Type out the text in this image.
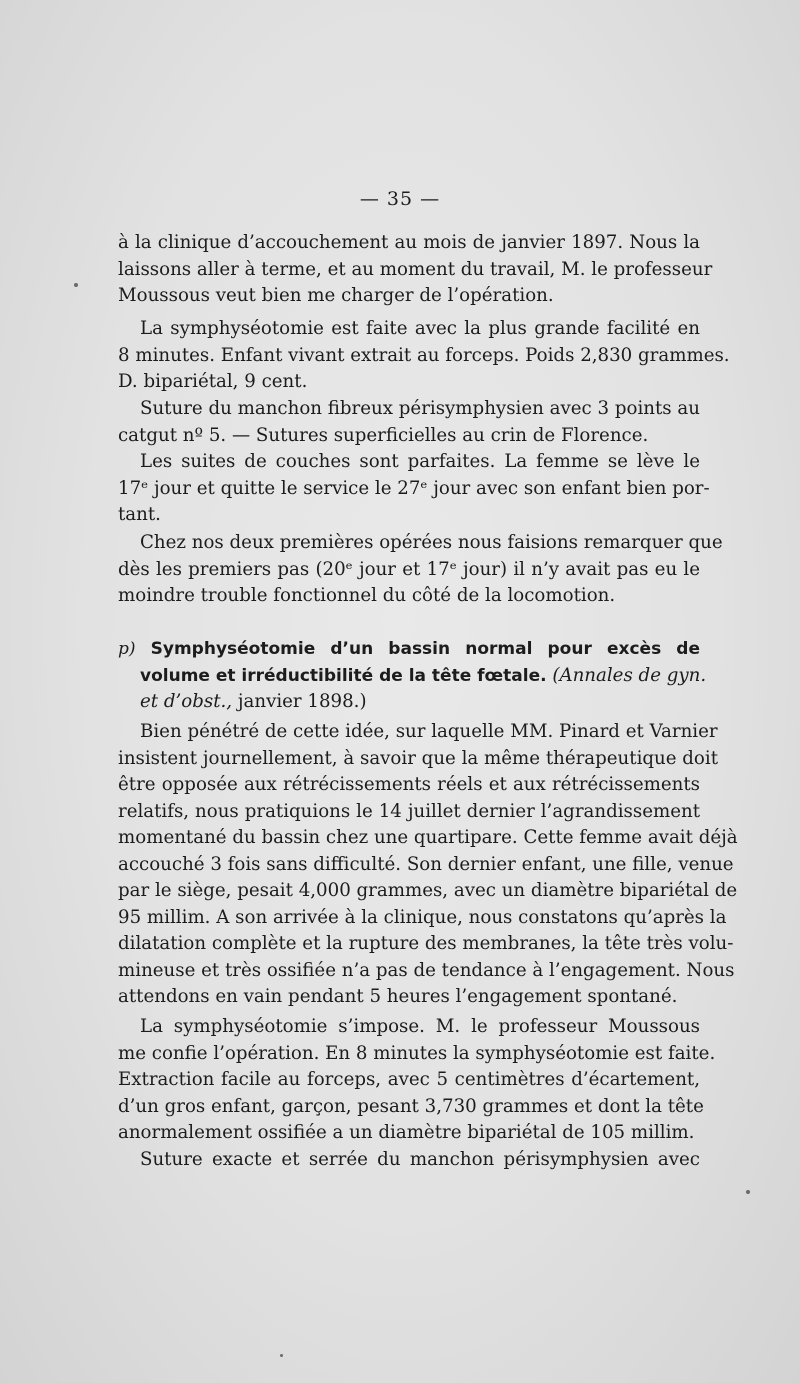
— 35 —
à la clinique d’accouchement au mois de janvier 1897. Nous la
laissons aller à terme, et au moment du travail, M. le professeur
Moussous veut bien me charger de l’opération.
La symphyséotomie est faite avec la plus grande facilité en
8 minutes. Enfant vivant extrait au forceps. Poids 2,830 grammes.
D. bipariétal, 9 cent.
Suture du manchon fibreux périsymphysien avec 3 points au
catgut nº 5. — Sutures superficielles au crin de Florence.
Les suites de couches sont parfaites. La femme se lève le
17ᵉ jour et quitte le service le 27ᵉ jour avec son enfant bien por-
tant.
Chez nos deux premières opérées nous faisions remarquer que
dès les premiers pas (20ᵉ jour et 17ᵉ jour) il n’y avait pas eu le
moindre trouble fonctionnel du côté de la locomotion.
p) Symphyséotomie d’un bassin normal pour excès de
volume et irréductibilité de la tête fœtale. (Annales de gyn.
et d’obst., janvier 1898.)
Bien pénétré de cette idée, sur laquelle MM. Pinard et Varnier
insistent journellement, à savoir que la même thérapeutique doit
être opposée aux rétrécissements réels et aux rétrécissements
relatifs, nous pratiquions le 14 juillet dernier l’agrandissement
momentané du bassin chez une quartipare. Cette femme avait déjà
accouché 3 fois sans difficulté. Son dernier enfant, une fille, venue
par le siège, pesait 4,000 grammes, avec un diamètre bipariétal de
95 millim. A son arrivée à la clinique, nous constatons qu’après la
dilatation complète et la rupture des membranes, la tête très volu-
mineuse et très ossifiée n’a pas de tendance à l’engagement. Nous
attendons en vain pendant 5 heures l’engagement spontané.
La symphyséotomie s’impose. M. le professeur Moussous
me confie l’opération. En 8 minutes la symphyséotomie est faite.
Extraction facile au forceps, avec 5 centimètres d’écartement,
d’un gros enfant, garçon, pesant 3,730 grammes et dont la tête
anormalement ossifiée a un diamètre bipariétal de 105 millim.
Suture exacte et serrée du manchon périsymphysien avec
